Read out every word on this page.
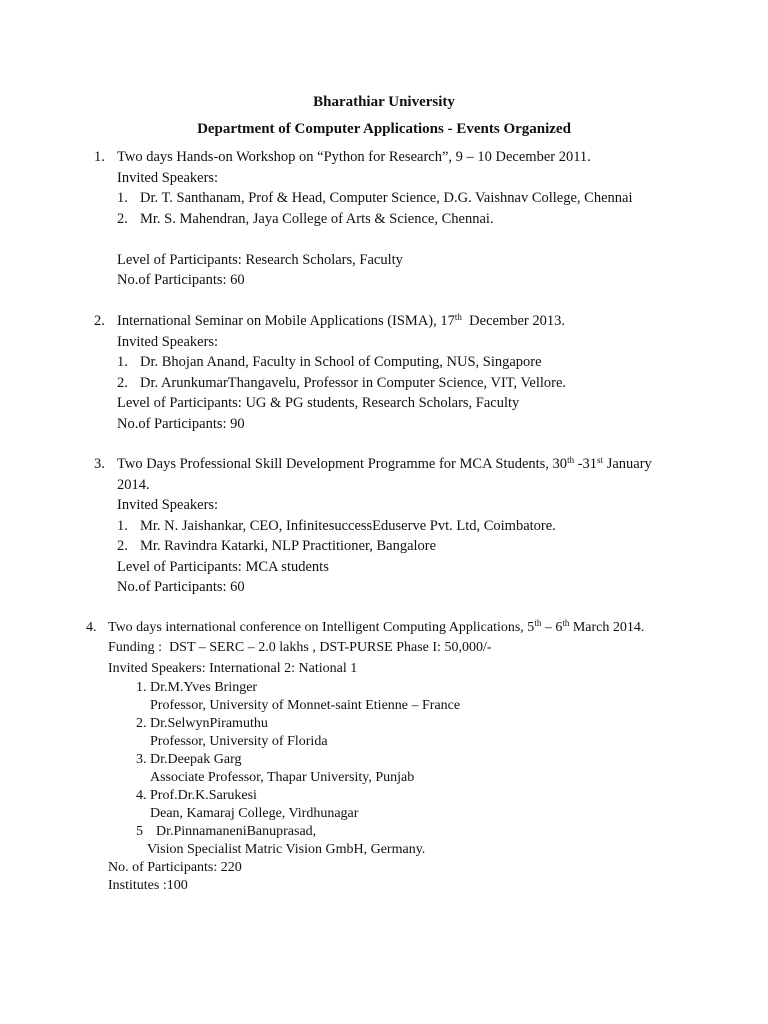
Bharathiar University
Department of Computer Applications - Events Organized
1. Two days Hands-on Workshop on “Python for Research”, 9 – 10 December 2011.
Invited Speakers:
1. Dr. T. Santhanam, Prof & Head, Computer Science, D.G. Vaishnav College, Chennai
2. Mr. S. Mahendran, Jaya College of Arts & Science, Chennai.
Level of Participants: Research Scholars, Faculty
No.of Participants: 60
2. International Seminar on Mobile Applications (ISMA), 17th  December 2013.
Invited Speakers:
1. Dr. Bhojan Anand, Faculty in School of Computing, NUS, Singapore
2. Dr. ArunkumarThangavelu, Professor in Computer Science, VIT, Vellore.
Level of Participants: UG & PG students, Research Scholars, Faculty
No.of Participants: 90
3. Two Days Professional Skill Development Programme for MCA Students, 30th -31st January
2014.
Invited Speakers:
1. Mr. N. Jaishankar, CEO, InfinitesuccessEduserve Pvt. Ltd, Coimbatore.
2. Mr. Ravindra Katarki, NLP Practitioner, Bangalore
Level of Participants: MCA students
No.of Participants: 60
4. Two days international conference on Intelligent Computing Applications, 5th – 6th March 2014.
Funding :  DST – SERC – 2.0 lakhs , DST-PURSE Phase I: 50,000/-
Invited Speakers: International 2: National 1
1. Dr.M.Yves Bringer
Professor, University of Monnet-saint Etienne – France
2. Dr.SelwynPiramuthu
Professor, University of Florida
3. Dr.Deepak Garg
Associate Professor, Thapar University, Punjab
4. Prof.Dr.K.Sarukesi
Dean, Kamaraj College, Virdhunagar
5 Dr.PinnamaneniBanuprasad,
Vision Specialist Matric Vision GmbH, Germany.
No. of Participants: 220
Institutes :100
